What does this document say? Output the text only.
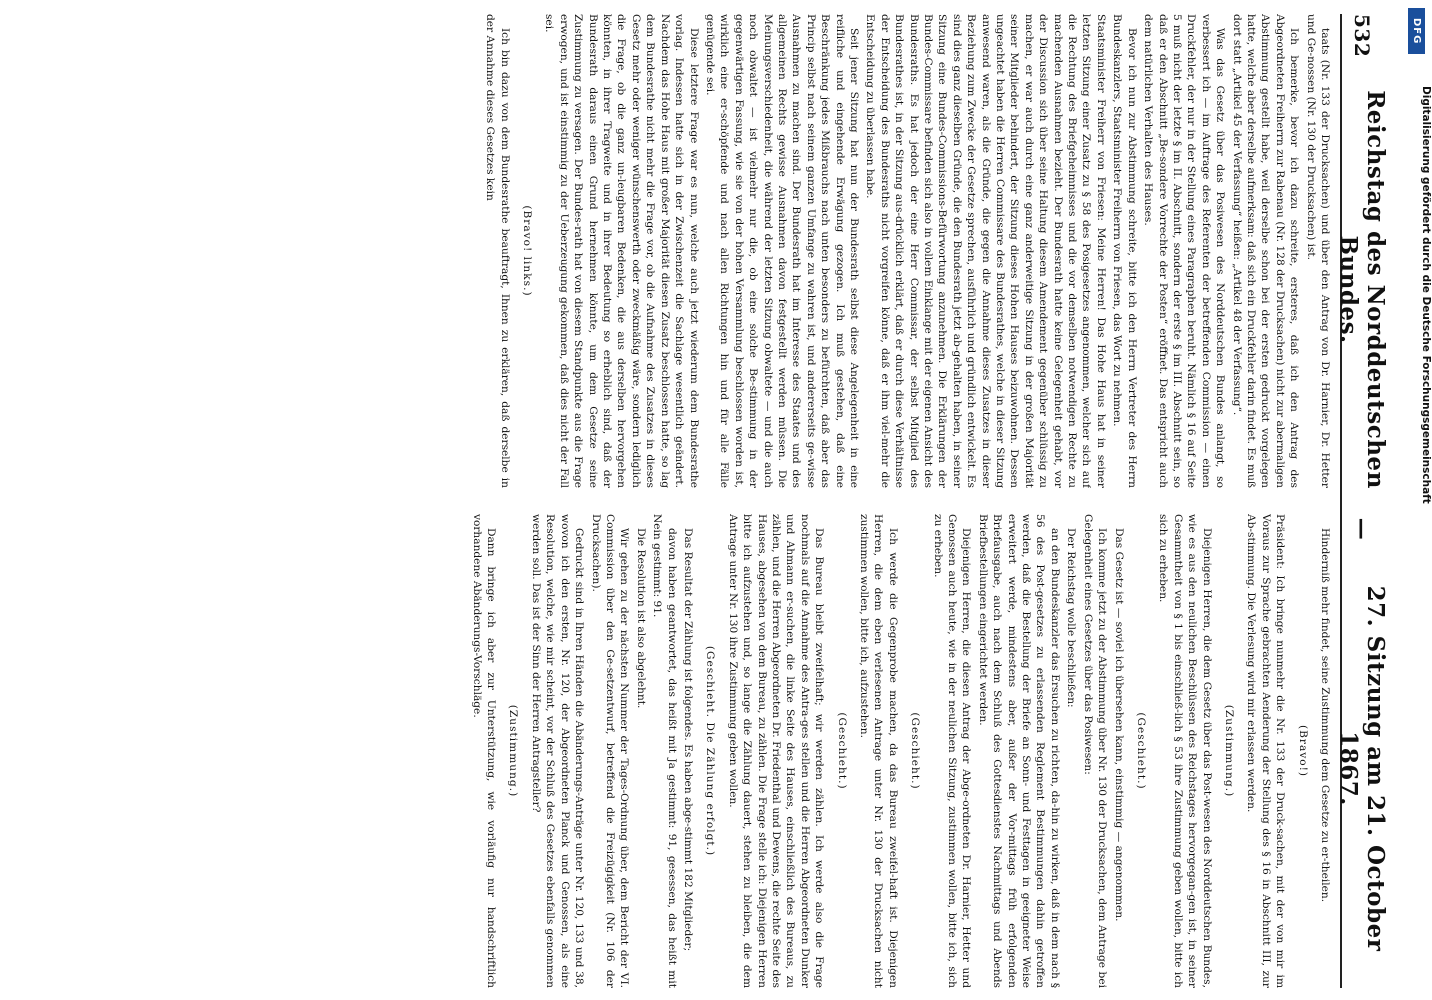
532
Reichstag des Norddeutschen Bundes.
—
27. Sitzung am 21. October 1867.

taats (Nr. 133 der Drucksachen) und über den Antrag von Dr. Harnier, Dr. Hetter und Ge-nossen (Nr. 130 der Drucksachen) ist.

Ich bemerke, bevor ich dazu schreite, ersteres, daß ich den Antrag des Abgeordneten Freiherrn zur Rabenau (Nr. 128 der Drucksachen) nicht zur abermaligen Abstimmung gestellt habe, weil derselbe schon bei der ersten gedruckt vorgelegen hatte, welche aber derselbe aufmerksam: daß sich ein Druckfehler darin findet. Es muß dort statt „Artikel 45 der Verfassung“ heißen: „Artikel 48 der Verfassung“.

Was das Gesetz über das Posiwesen des Norddeutschen Bundes anlangt, so verbessert ich — im Auftrage des Referenten der betreffenden Commission — einen Druckfehler, der nur in der Stellung eines Paragraphen beruht. Nämlich § 16 auf Seite 5 muß nicht der letzte § im II. Abschnitt, sondern der erste § im III. Abschnitt sein, so daß er den Abschnitt „Be-sondere Vorrechte der Posten“ eröffnet. Das entspricht auch dem natürlichen Verhalten des Hauses.

Bevor ich nun zur Abstimmung schreite, bitte ich den Herrn Vertreter des Herrn Bundeskanzlers, Staatsminister Freiherrn von Friesen, das Wort zu nehmen.

Staatsminister Freiherr von Friesen: Meine Herren! Das Hohe Haus hat in seiner letzten Sitzung einer Zusatz zu § 58 des Posigesetzes angenommen, welcher sich auf die Rechtung des Briefgeheimnisses und die vor demselben notwendigen Rechte zu machenden Ausnahmen bezieht. Der Bundesrath hatte keine Gelegenheit gehabt, vor der Discussion sich über seine Haltung diesem Amendement gegenüber schlüssig zu machen, er war auch durch eine ganz anderweitige Sitzung in der großen Majorität seiner Mitglieder behindert, der Sitzung dieses Hohen Hauses beizuwohnen. Dessen ungeachtet haben die Herren Commissare des Bundesrathes, welche in dieser Sitzung anwesend waren, als die Gründe, die gegen die Annahme dieses Zusatzes in dieser Beziehung zum Zwecke der Gesetze sprechen, ausführlich und gründlich entwickelt. Es sind dies ganz dieselben Gründe, die den Bundesrath jetzt ab-gehalten haben, in seiner Sitzung eine Bundes-Commissions-Befürwortung anzunehmen. Die Erklärungen der Bundes-Commissare befinden sich also in vollem Einklange mit der eigenen Ansicht des Bundesraths. Es hat jedoch der eine Herr Commissar, der selbst Mitglied des Bundesrathes ist, in der Sitzung aus-drücklich erklärt, daß er durch diese Verhältnisse der Entscheidung des Bundesraths nicht vorgreifen könne, daß er ihm viel-mehr die Entscheidung zu überlassen habe.

Seit jener Sitzung hat nun der Bundesrath selbst diese Angelegenheit in eine reifliche und eingehende Erwägung gezogen. Ich muß gestehen, daß eine Beschränkung jedes Mißbrauchs nach unten besonders zu befürchten, daß aber das Princip selbst nach seinem ganzen Umfange zu wahren ist, und andererseits ge-wisse Ausnahmen zu machen sind. Der Bundesrath hat im Interesse des Staates und des allgemeinen Rechts gewisse Ausnahmen davon festgestellt werden müssen. Die Meinungsverschiedenheit, die während der letzten Sitzung obwaltete — und die auch noch obwaltet — ist vielmehr nur die, ob eine solche Be-stimmung in der gegenwärtigen Fassung, wie sie von der hohen Versammlung beschlossen worden ist, wirklich eine er-schöpfende und nach allen Richtungen hin und für alle Fälle genügende sei.

Diese letztere Frage war es nun, welche auch jetzt wiederum dem Bundesrathe vorlag. Indessen hatte sich in der Zwischenzeit die Sachlage wesentlich geändert. Nachdem das Hohe Haus mit großer Majorität diesen Zusatz beschlossen hatte, so lag dem Bundesrathe nicht mehr die Frage vor, ob die Aufnahme des Zusatzes in dieses Gesetz mehr oder weniger wünschenswerth oder zweckmäßig wäre, sondern lediglich die Frage, ob die ganz un-leugbaren Bedenken, die aus derselben hervorgehen könnten, in ihrer Tragweite und in ihrer Bedeutung so erheblich sind, daß der Bundesrath daraus einen Grund hernehmen könnte, um dem Gesetze seine Zustimmung zu versagen. Der Bundes-rath hat von diesem Standpunkte aus die Frage erwogen, und ist einstimmig zu der Ueberzeugung gekommen, daß dies nicht der Fall sei.

(Bravo! links.)

Ich bin dazu von dem Bundesrathe beauftragt, Ihnen zu erklären, daß derselbe in der Annahme dieses Gesetzes kein

Hinderniß mehr findet, seine Zustimmung dem Gesetze zu er-theilen.

(Bravo!)

Präsident: Ich bringe nunmehr die Nr. 133 der Druck-sachen, mit der von mir im Voraus zur Sprache gebrachten Aenderung der Stellung des § 16 in Abschnitt III, zur Ab-stimmung. Die Verlesung wird mir erlassen werden.

(Zustimmung.)

Diejenigen Herren, die dem Gesetz über das Post-wesen des Norddeutschen Bundes, wie es aus den neulichen Beschlüssen des Reichstages hervorgegan-gen ist, in seiner Gesammtheit von § 1 bis einschließ-lich § 53 ihre Zustimmung geben wollen, bitte ich sich zu erheben.

(Geschieht.)

Das Gesetz ist — soviel ich übersehen kann, einstimmig — angenommen.

Ich komme jetzt zu der Abstimmung über Nr. 130 der Drucksachen, dem Antrage bei Gelegenheit eines Gesetzes über das Posiwesen:

Der Reichstag wolle beschließen:

an den Bundeskanzler das Ersuchen zu richten, da-hin zu wirken, daß in dem nach § 56 des Post-gesetzes zu erlassenden Reglement Bestimmungen dahin getroffen werden, daß die Bestellung der Briefe an Sonn- und Festtagen in geeigneter Weise erweitert werde, mindestens aber, außer der Vor-mittags früh erfolgenden Briefausgabe, auch nach dem Schluß des Gottesdienstes Nachmittags und Abends Briefbestellungen eingerichtet werden.

Diejenigen Herren, die diesen Antrag der Abge-ordneten Dr. Harnier, Hetter und Genossen auch heute, wie in der neulichen Sitzung, zustimmen wollen, bitte ich, sich zu erheben.

(Geschieht.)

Ich werde die Gegenprobe machen, da das Bureau zweifel-haft ist. Diejenigen Herren, die dem eben verlesenen Antrage unter Nr. 130 der Drucksachen nicht zustimmen wollen, bitte ich, aufzustehen.

(Geschieht.)

Das Bureau bleibt zweifelhaft; wir werden zählen. Ich werde also die Frage nochmals auf die Annahme des Antra-ges stellen und die Herren Abgeordneten Dunker und Ahmann er-suchen, die linke Seite des Hauses, einschließlich des Bureaus, zu zählen, und die Herren Abgeordneten Dr. Friedenthal und Dewens, die rechte Seite des Hauses, abgesehen von dem Bureau, zu zählen. Die Frage stelle ich: Diejenigen Herren bitte ich aufzustehen und, so lange die Zählung dauert, stehen zu bleiben, die dem Antrage unter Nr. 130 ihre Zustimmung geben wollen.

(Geschieht. Die Zählung erfolgt.)

Das Resultat der Zählung ist folgendes. Es haben abge-stimmt 182 Mitglieder;

davon haben geantwortet, das heißt mit Ja gestimmt: 91, gesessen, das heißt mit Nein gestimmt: 91.

Die Resolution ist also abgelehnt.

Wir gehen zu der nächsten Nummer der Tages-Ordnung über, dem Bericht der VI. Commission über den Ge-setzentwurf, betreffend die Freizügigkeit (Nr. 106 der Drucksachen).

Gedruckt sind in Ihren Händen die Abänderungs-Anträge unter Nr. 120, 133 und 38, wovon ich den ersten, Nr. 120, der Abgeordneten Planck und Genossen, als eine Resolution, welche, wie mir scheint, vor der Schluß des Gesetzes ebenfalls genommen werden soll. Das ist der Sinn der Herren Antragsteller?

(Zustimmung.)

Dann bringe ich aber zur Unterstützung, wie vorläufig nur handschriftlich vorhandene Abänderungs-Vorschläge.

DFG
Digitalisierung gefördert durch die Deutsche Forschungsgemeinschaft
